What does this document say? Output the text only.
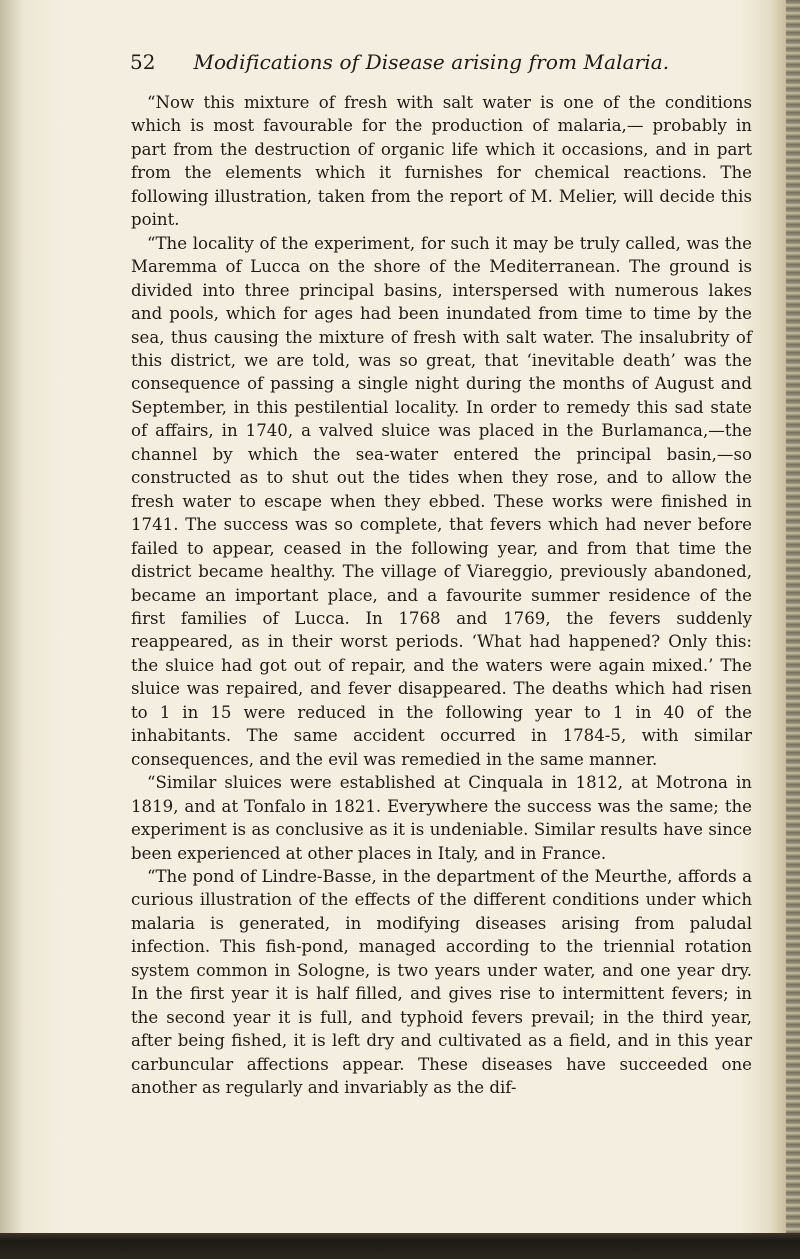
52 Modifications of Disease arising from Malaria.

“Now this mixture of fresh with salt water is one of the conditions which is most favourable for the production of malaria,— probably in part from the destruction of organic life which it occasions, and in part from the elements which it furnishes for chemical reactions. The following illustration, taken from the report of M. Melier, will decide this point.

“The locality of the experiment, for such it may be truly called, was the Maremma of Lucca on the shore of the Mediterranean. The ground is divided into three principal basins, interspersed with numerous lakes and pools, which for ages had been inundated from time to time by the sea, thus causing the mixture of fresh with salt water. The insalubrity of this district, we are told, was so great, that ‘inevitable death’ was the consequence of passing a single night during the months of August and September, in this pestilential locality. In order to remedy this sad state of affairs, in 1740, a valved sluice was placed in the Burlamanca,—the channel by which the sea-water entered the principal basin,—so constructed as to shut out the tides when they rose, and to allow the fresh water to escape when they ebbed. These works were finished in 1741. The success was so complete, that fevers which had never before failed to appear, ceased in the following year, and from that time the district became healthy. The village of Viareggio, previously abandoned, became an important place, and a favourite summer residence of the first families of Lucca. In 1768 and 1769, the fevers suddenly reappeared, as in their worst periods. ‘What had happened? Only this: the sluice had got out of repair, and the waters were again mixed.’ The sluice was repaired, and fever disappeared. The deaths which had risen to 1 in 15 were reduced in the following year to 1 in 40 of the inhabitants. The same accident occurred in 1784-5, with similar consequences, and the evil was remedied in the same manner.

“Similar sluices were established at Cinquala in 1812, at Motrona in 1819, and at Tonfalo in 1821. Everywhere the success was the same; the experiment is as conclusive as it is undeniable. Similar results have since been experienced at other places in Italy, and in France.

“The pond of Lindre-Basse, in the department of the Meurthe, affords a curious illustration of the effects of the different conditions under which malaria is generated, in modifying diseases arising from paludal infection. This fish-pond, managed according to the triennial rotation system common in Sologne, is two years under water, and one year dry. In the first year it is half filled, and gives rise to intermittent fevers; in the second year it is full, and typhoid fevers prevail; in the third year, after being fished, it is left dry and cultivated as a field, and in this year carbuncular affections appear. These diseases have succeeded one another as regularly and invariably as the dif-
